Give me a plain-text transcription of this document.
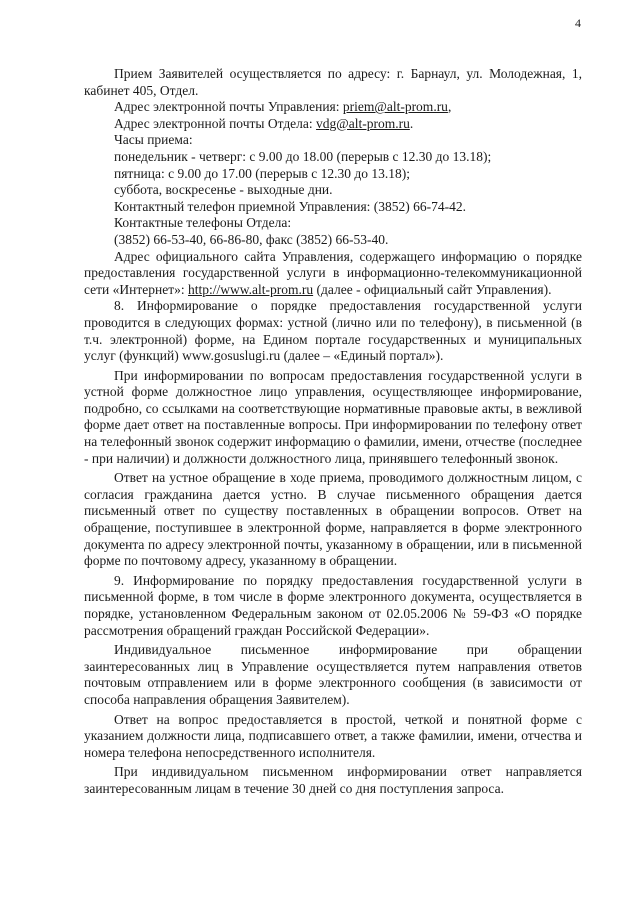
4

Прием Заявителей осуществляется по адресу: г. Барнаул, ул. Молодежная, 1, кабинет 405, Отдел.

Адрес электронной почты Управления: priem@alt-prom.ru,
Адрес электронной почты Отдела: vdg@alt-prom.ru.
Часы приема:
понедельник - четверг: с 9.00 до 18.00 (перерыв с 12.30 до 13.18);
пятница: с 9.00 до 17.00 (перерыв с 12.30 до 13.18);
суббота, воскресенье - выходные дни.
Контактный телефон приемной Управления: (3852) 66-74-42.
Контактные телефоны Отдела:
(3852) 66-53-40, 66-86-80, факс (3852) 66-53-40.

Адрес официального сайта Управления, содержащего информацию о порядке предоставления государственной услуги в информационно-телекоммуникационной сети «Интернет»: http://www.alt-prom.ru (далее - официальный сайт Управления).

8. Информирование о порядке предоставления государственной услуги проводится в следующих формах: устной (лично или по телефону), в письменной (в т.ч. электронной) форме, на Едином портале государственных и муниципальных услуг (функций) www.gosuslugi.ru (далее – «Единый портал»).

При информировании по вопросам предоставления государственной услуги в устной форме должностное лицо управления, осуществляющее информирование, подробно, со ссылками на соответствующие нормативные правовые акты, в вежливой форме дает ответ на поставленные вопросы. При информировании по телефону ответ на телефонный звонок содержит информацию о фамилии, имени, отчестве (последнее - при наличии) и должности должностного лица, принявшего телефонный звонок.

Ответ на устное обращение в ходе приема, проводимого должностным лицом, с согласия гражданина дается устно. В случае письменного обращения дается письменный ответ по существу поставленных в обращении вопросов. Ответ на обращение, поступившее в электронной форме, направляется в форме электронного документа по адресу электронной почты, указанному в обращении, или в письменной форме по почтовому адресу, указанному в обращении.

9. Информирование по порядку предоставления государственной услуги в письменной форме, в том числе в форме электронного документа, осуществляется в порядке, установленном Федеральным законом от 02.05.2006 № 59-ФЗ «О порядке рассмотрения обращений граждан Российской Федерации».

Индивидуальное письменное информирование при обращении заинтересованных лиц в Управление осуществляется путем направления ответов почтовым отправлением или в форме электронного сообщения (в зависимости от способа направления обращения Заявителем).

Ответ на вопрос предоставляется в простой, четкой и понятной форме с указанием должности лица, подписавшего ответ, а также фамилии, имени, отчества и номера телефона непосредственного исполнителя.

При индивидуальном письменном информировании ответ направляется заинтересованным лицам в течение 30 дней со дня поступления запроса.
